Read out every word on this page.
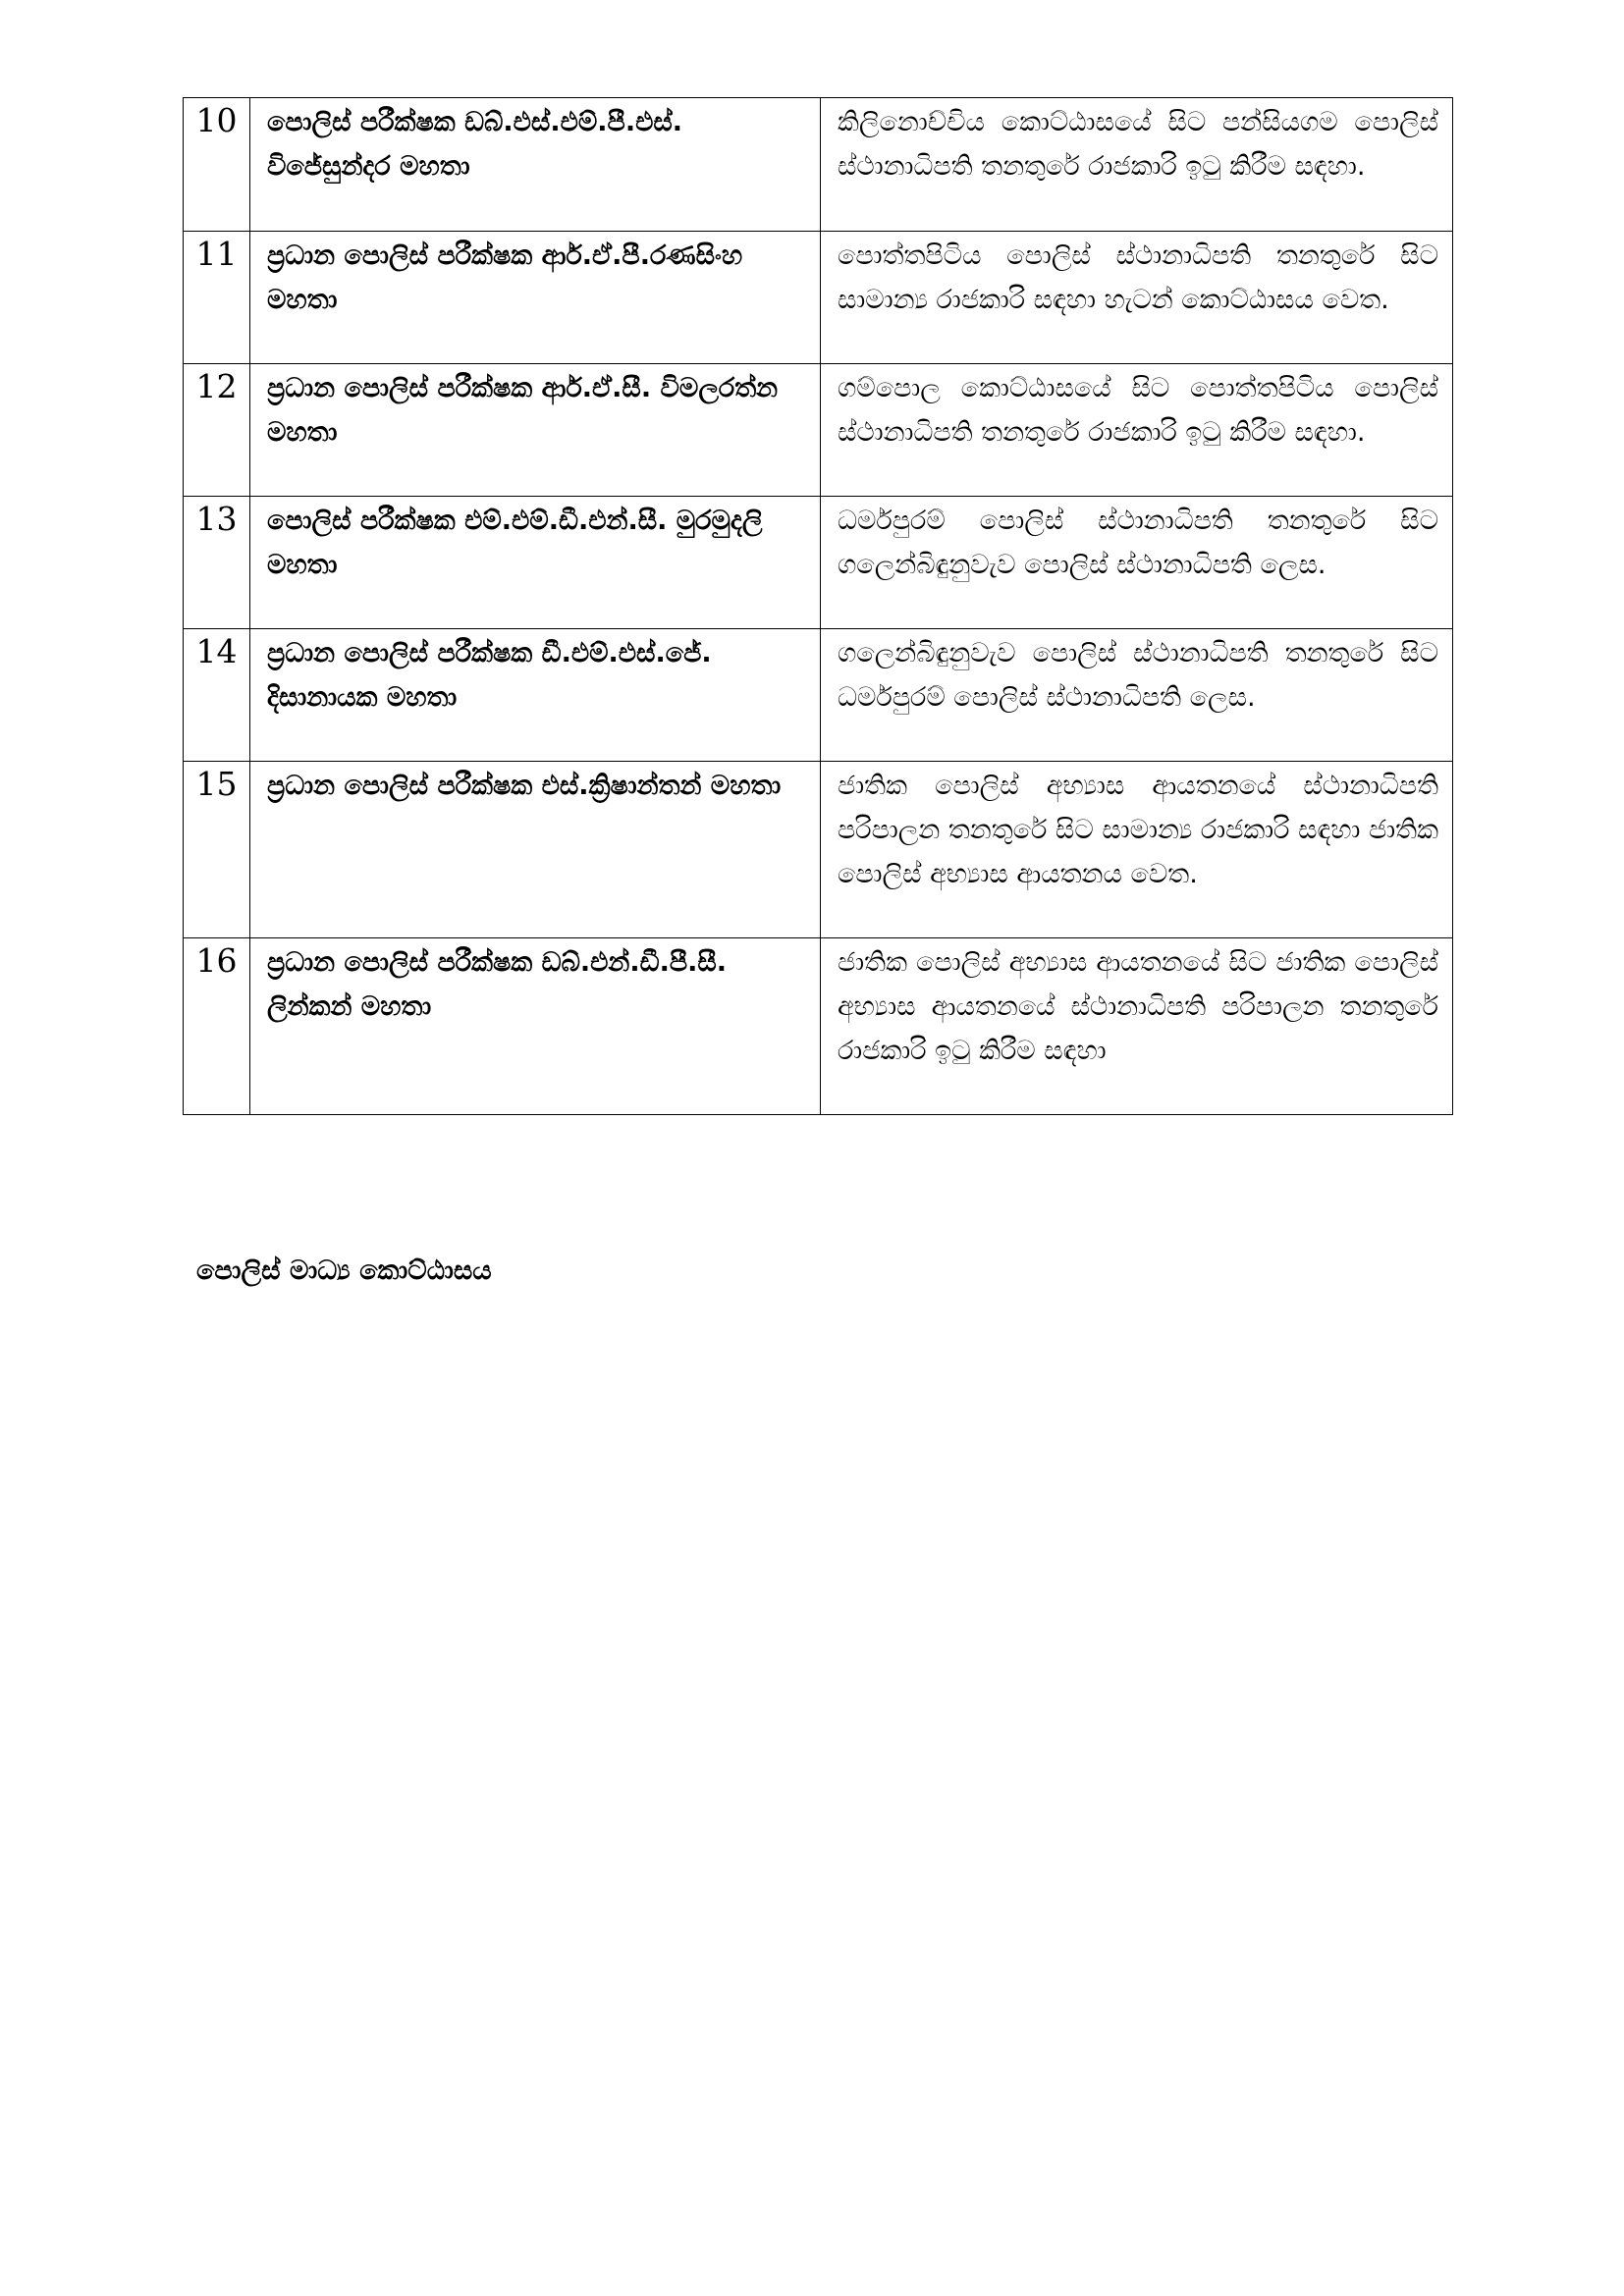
10	පොලිස් පරීක්ෂක ඩබ්.එස්.එම්.පී.එස්. විජේසුන්දර මහතා	කිලිනොච්චිය කොට්ඨාසයේ සිට පන්සියගම පොලිස් ස්ථානාධිපති තනතුරේ රාජකාරි ඉටු කිරීම සඳහා.

11	ප්‍රධාන පොලිස් පරීක්ෂක ආර්.ඒ.පී.රණසිංහ මහතා	පොත්තපිටිය පොලිස් ස්ථානාධිපති තනතුරේ සිට සාමාන්‍ය රාජකාරි සඳහා හැටන් කොට්ඨාසය වෙත.

12	ප්‍රධාන පොලිස් පරීක්ෂක ආර්.ඒ.සී. විමලරත්න මහතා	ගම්පොල කොට්ඨාසයේ සිට පොත්තපිටිය පොලිස් ස්ථානාධිපති තනතුරේ රාජකාරි ඉටු කිරීම සඳහා.

13	පොලිස් පරීක්ෂක එම්.එම්.ඩී.එන්.සී. මුරමුදලි මහතා	ධර්මපුරම් පොලිස් ස්ථානාධිපති තනතුරේ සිට ගලෙන්බිඳුනුවැව පොලිස් ස්ථානාධිපති ලෙස.

14	ප්‍රධාන පොලිස් පරීක්ෂක ඩී.එම්.එස්.ජේ. දිසානායක මහතා	ගලෙන්බිඳුනුවැව පොලිස් ස්ථානාධිපති තනතුරේ සිට ධර්මපුරම් පොලිස් ස්ථානාධිපති ලෙස.

15	ප්‍රධාන පොලිස් පරීක්ෂක එස්.ක්‍රිෂාන්තන් මහතා	ජාතික පොලිස් අභ්‍යාස ආයතනයේ ස්ථානාධිපති පරිපාලන තනතුරේ සිට සාමාන්‍ය රාජකාරි සඳහා ජාතික පොලිස් අභ්‍යාස ආයතනය වෙත.

16	ප්‍රධාන පොලිස් පරීක්ෂක ඩබ්.එන්.ඩී.පී.සී. ලින්කන් මහතා	ජාතික පොලිස් අභ්‍යාස ආයතනයේ සිට ජාතික පොලිස් අභ්‍යාස ආයතනයේ ස්ථානාධිපති පරිපාලන තනතුරේ රාජකාරි ඉටු කිරීම සඳහා
පොලිස් මාධ්‍ය කොට්ඨාසය
